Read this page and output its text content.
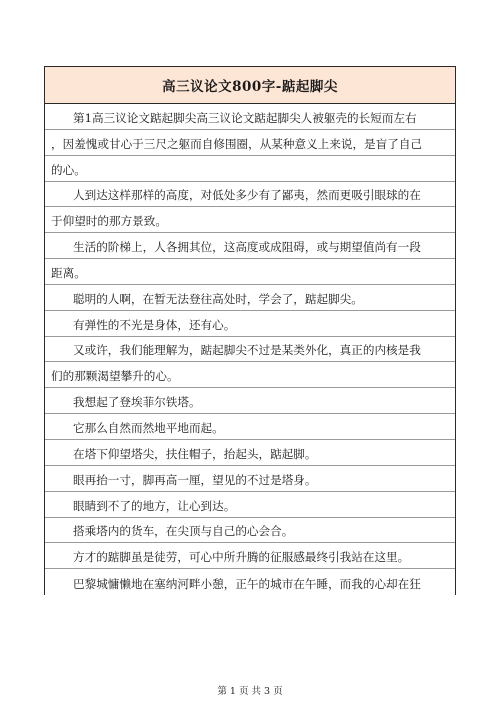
高三议论文800字-踮起脚尖
第1高三议论文踮起脚尖高三议论文踮起脚尖人被躯壳的长短而左右
，因羞愧或甘心于三尺之躯而自修围圈，从某种意义上来说，是盲了自己
的心。
人到达这样那样的高度，对低处多少有了鄙夷，然而更吸引眼球的在
于仰望时的那方景致。
生活的阶梯上，人各拥其位，这高度或成阻碍，或与期望值尚有一段
距离。
聪明的人啊，在暂无法登往高处时，学会了，踮起脚尖。
有弹性的不光是身体，还有心。
又或许，我们能理解为，踮起脚尖不过是某类外化，真正的内核是我
们的那颗渴望攀升的心。
我想起了登埃菲尔铁塔。
它那么自然而然地平地而起。
在塔下仰望塔尖，扶住帽子，抬起头，踮起脚。
眼再抬一寸，脚再高一厘，望见的不过是塔身。
眼睛到不了的地方，让心到达。
搭乘塔内的货车，在尖顶与自己的心会合。
方才的踮脚虽是徒劳，可心中所升腾的征服感最终引我站在这里。
巴黎城慵懒地在塞纳河畔小憩，正午的城市在午睡，而我的心却在狂
第 1 页 共 3 页
